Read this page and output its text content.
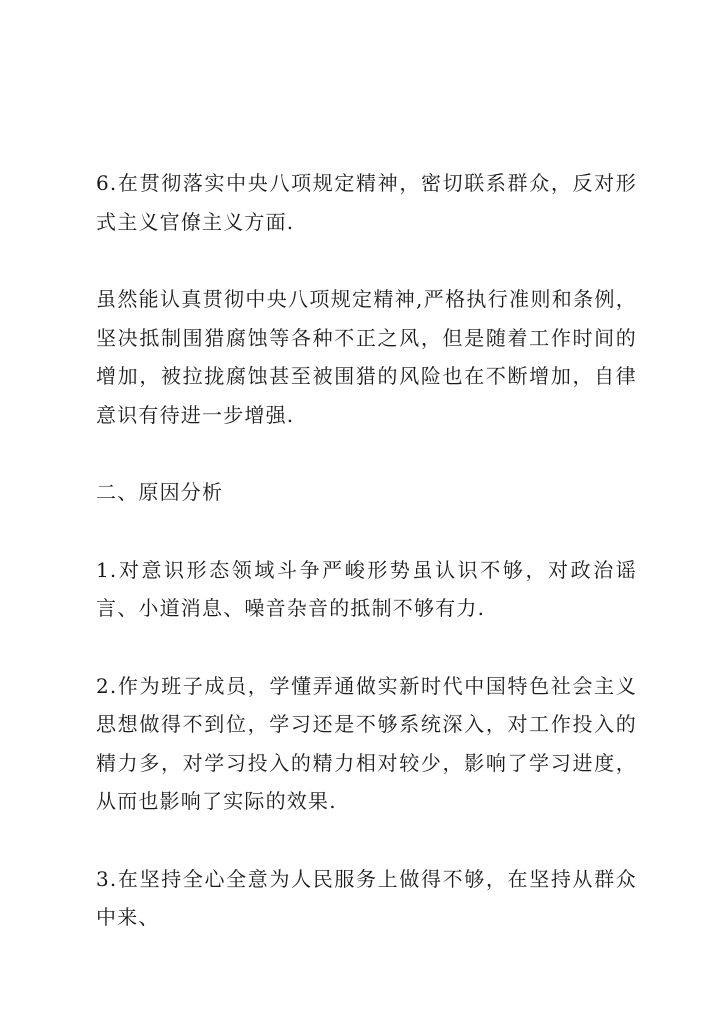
6.在贯彻落实中央八项规定精神，密切联系群众，反对形式主义官僚主义方面.

虽然能认真贯彻中央八项规定精神,严格执行准则和条例，坚决抵制围猎腐蚀等各种不正之风，但是随着工作时间的增加，被拉拢腐蚀甚至被围猎的风险也在不断增加，自律意识有待进一步增强.

二、原因分析

1.对意识形态领域斗争严峻形势虽认识不够，对政治谣言、小道消息、噪音杂音的抵制不够有力.

2.作为班子成员，学懂弄通做实新时代中国特色社会主义思想做得不到位，学习还是不够系统深入，对工作投入的精力多，对学习投入的精力相对较少，影响了学习进度，从而也影响了实际的效果.

3.在坚持全心全意为人民服务上做得不够，在坚持从群众中来、
